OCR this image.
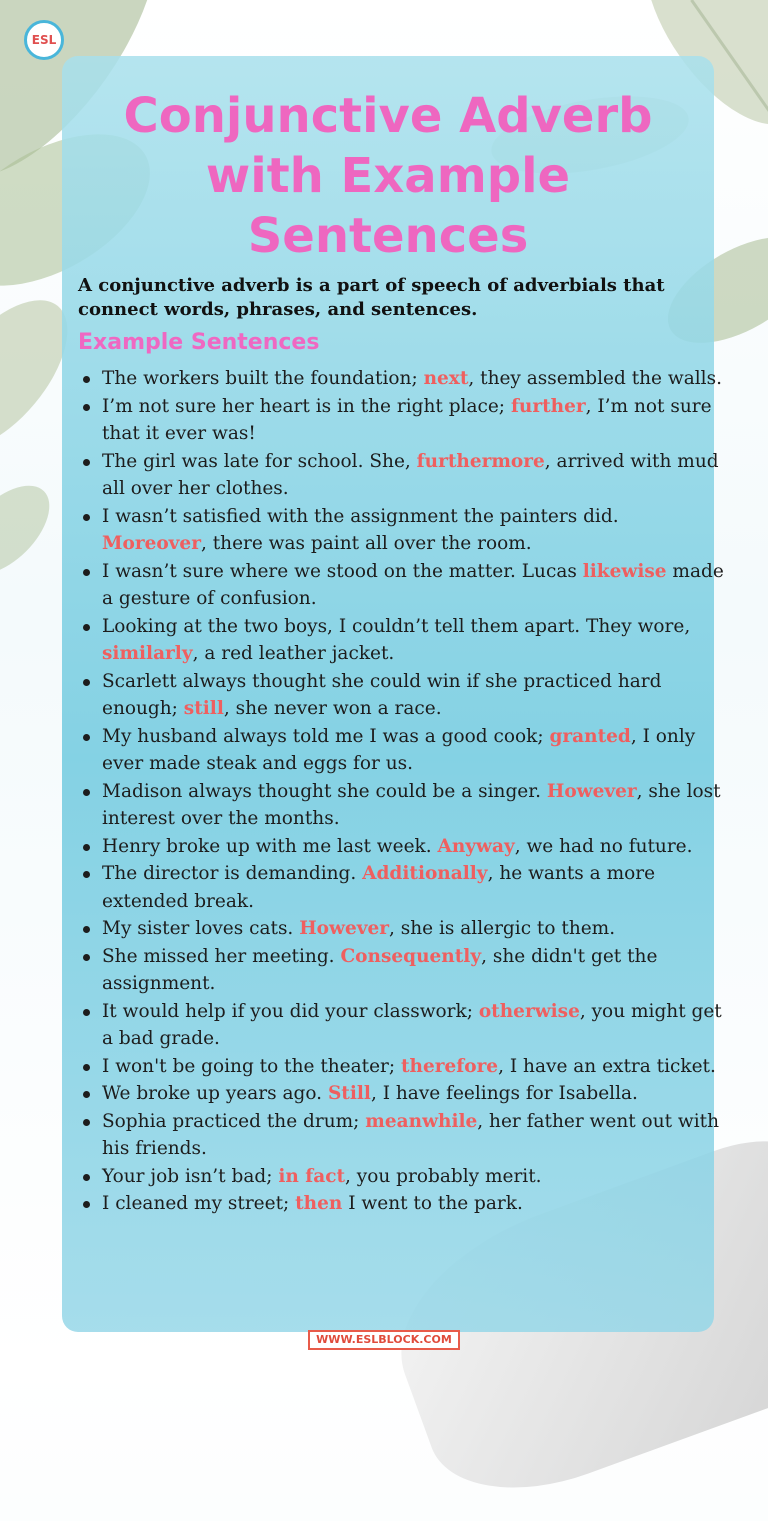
ESL
Conjunctive Adverb
with Example
Sentences

A conjunctive adverb is a part of speech of adverbials that connect words, phrases, and sentences.

Example Sentences
The workers built the foundation; next, they assembled the walls.
I’m not sure her heart is in the right place; further, I’m not sure that it ever was!
The girl was late for school. She, furthermore, arrived with mud all over her clothes.
I wasn’t satisfied with the assignment the painters did. Moreover, there was paint all over the room.
I wasn’t sure where we stood on the matter. Lucas likewise made a gesture of confusion.
Looking at the two boys, I couldn’t tell them apart. They wore, similarly, a red leather jacket.
Scarlett always thought she could win if she practiced hard enough; still, she never won a race.
My husband always told me I was a good cook; granted, I only ever made steak and eggs for us.
Madison always thought she could be a singer. However, she lost interest over the months.
Henry broke up with me last week. Anyway, we had no future.
The director is demanding. Additionally, he wants a more extended break.
My sister loves cats. However, she is allergic to them.
She missed her meeting. Consequently, she didn't get the assignment.
It would help if you did your classwork; otherwise, you might get a bad grade.
I won't be going to the theater; therefore, I have an extra ticket.
We broke up years ago. Still, I have feelings for Isabella.
Sophia practiced the drum; meanwhile, her father went out with his friends.
Your job isn’t bad; in fact, you probably merit.
I cleaned my street; then I went to the park.
WWW.ESLBLOCK.COM
